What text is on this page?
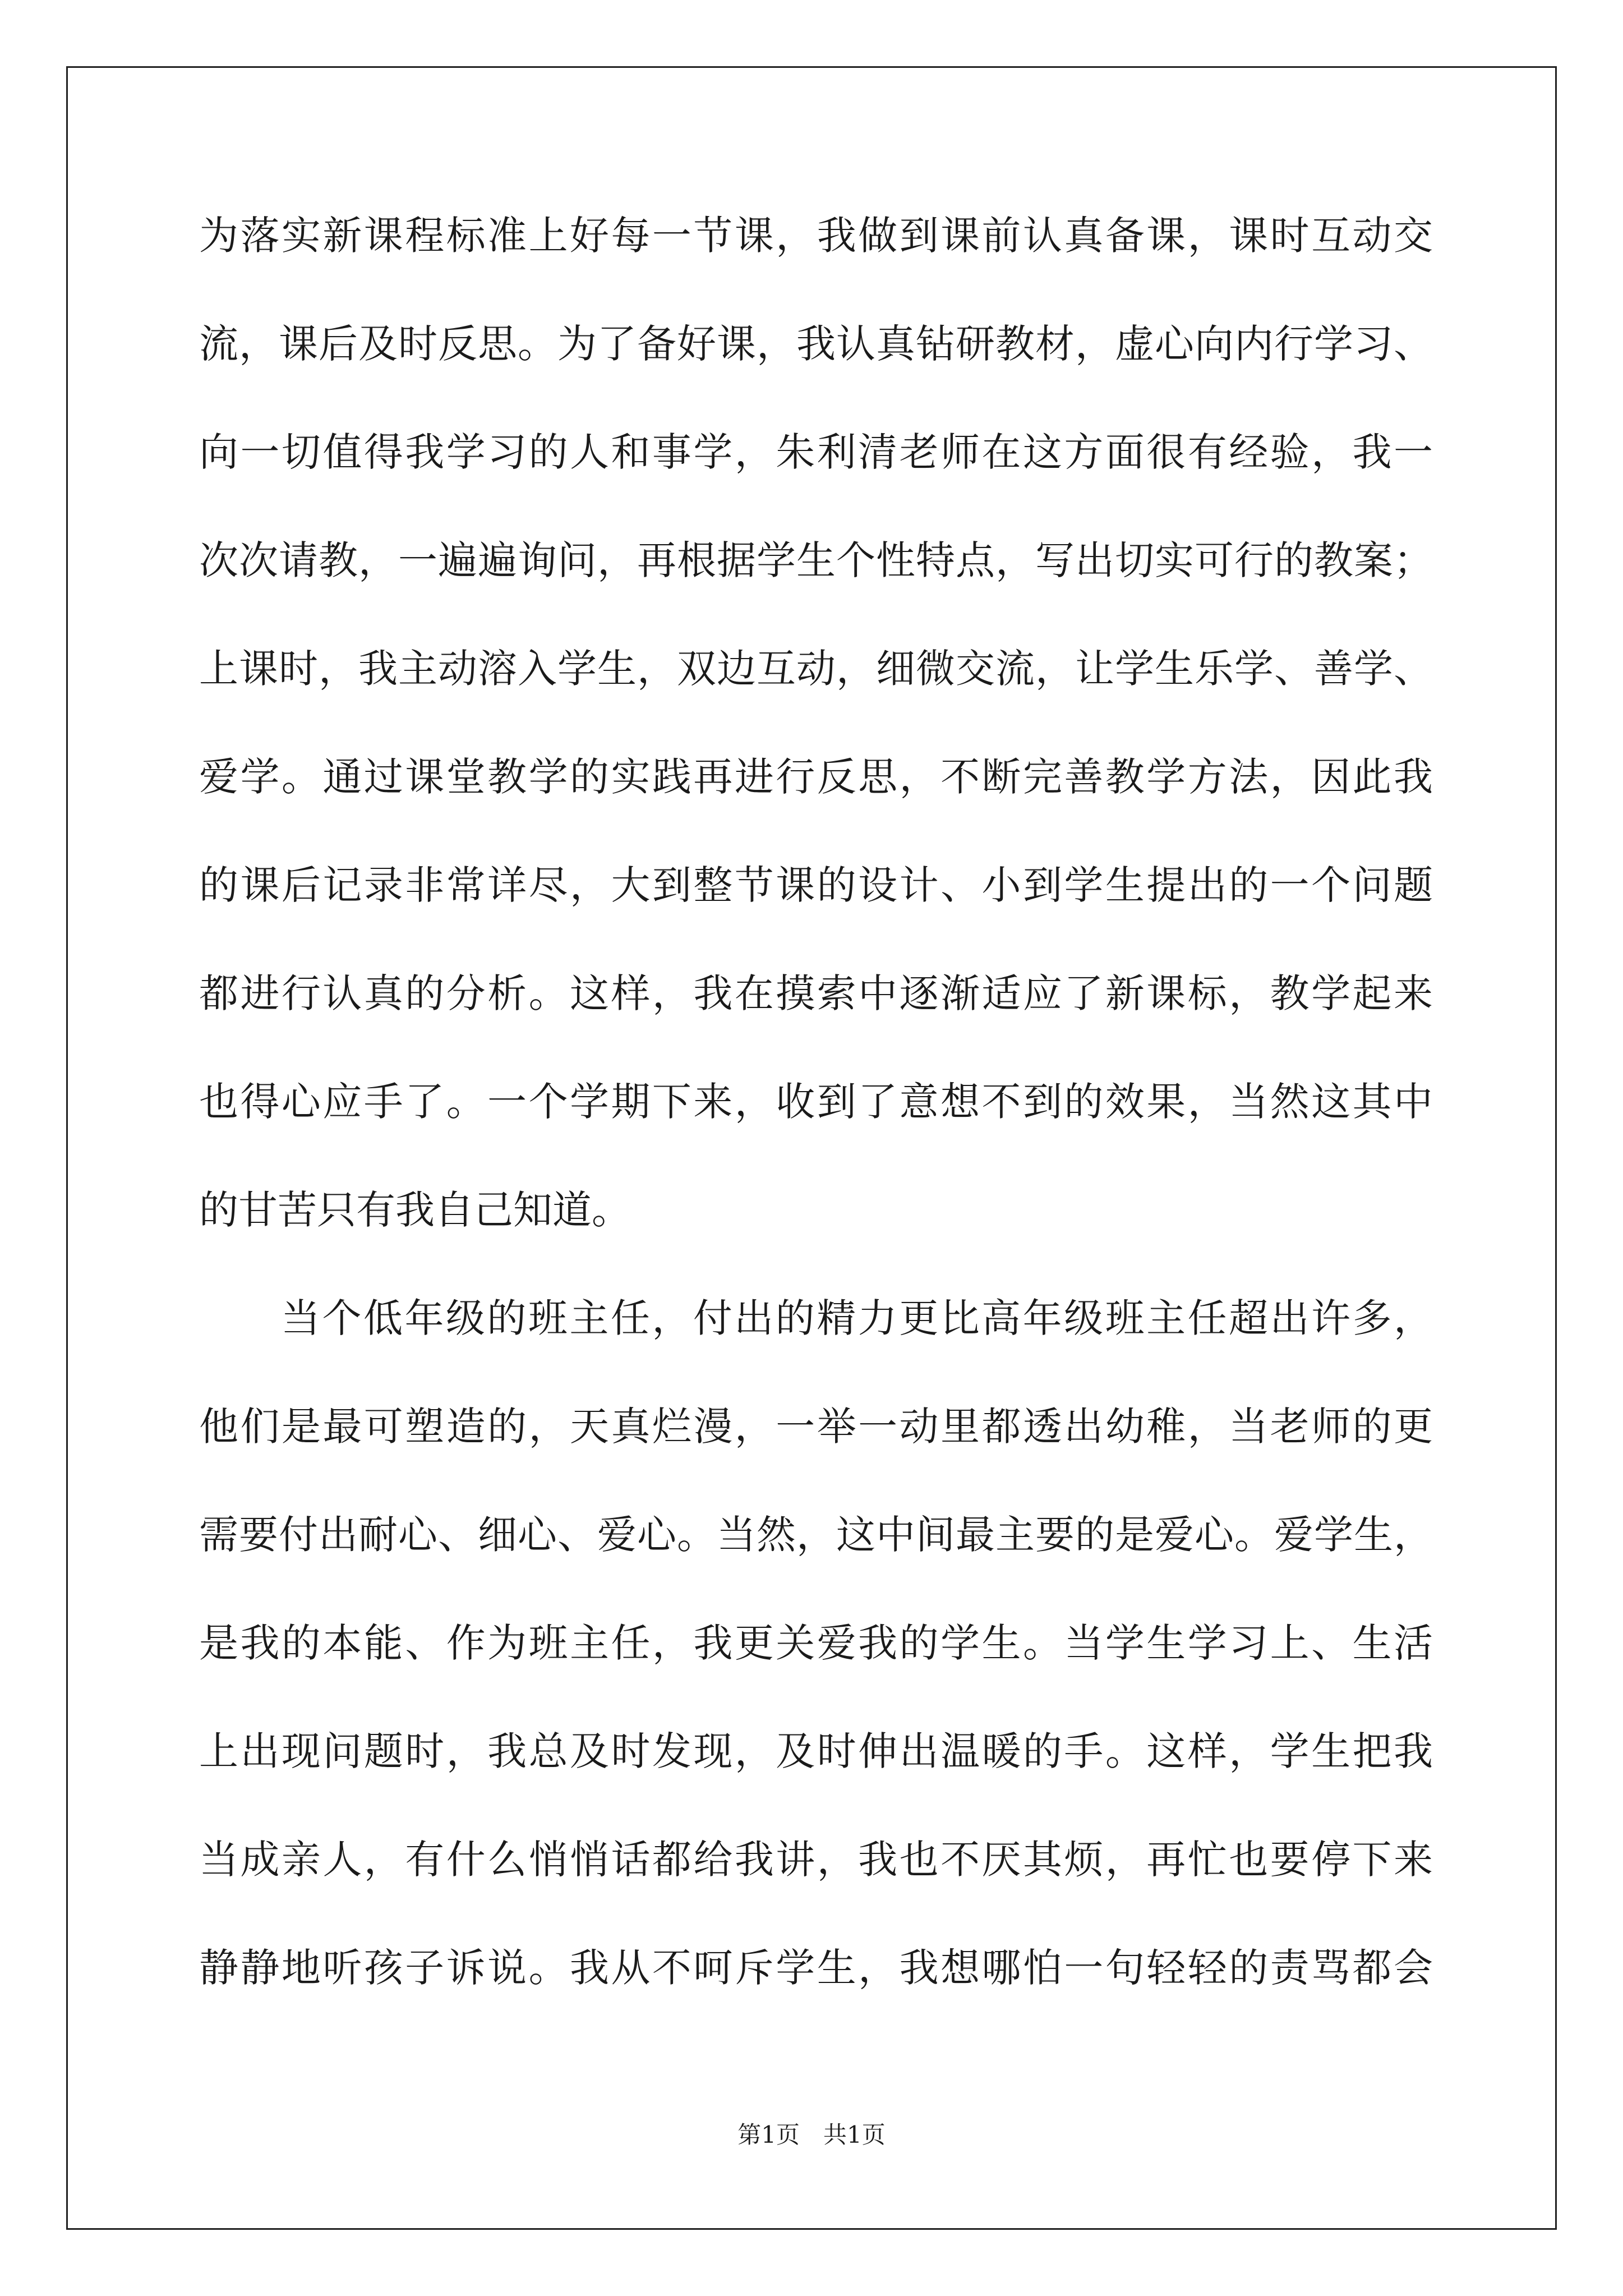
为落实新课程标准上好每一节课，我做到课前认真备课，课时互动交
流，课后及时反思。为了备好课，我认真钻研教材，虚心向内行学习、
向一切值得我学习的人和事学，朱利清老师在这方面很有经验，我一
次次请教，一遍遍询问，再根据学生个性特点，写出切实可行的教案；
上课时，我主动溶入学生，双边互动，细微交流，让学生乐学、善学、
爱学。通过课堂教学的实践再进行反思，不断完善教学方法，因此我
的课后记录非常详尽，大到整节课的设计、小到学生提出的一个问题
都进行认真的分析。这样，我在摸索中逐渐适应了新课标，教学起来
也得心应手了。一个学期下来，收到了意想不到的效果，当然这其中
的甘苦只有我自己知道。
当个低年级的班主任，付出的精力更比高年级班主任超出许多，
他们是最可塑造的，天真烂漫，一举一动里都透出幼稚，当老师的更
需要付出耐心、细心、爱心。当然，这中间最主要的是爱心。爱学生，
是我的本能、作为班主任，我更关爱我的学生。当学生学习上、生活
上出现问题时，我总及时发现，及时伸出温暖的手。这样，学生把我
当成亲人，有什么悄悄话都给我讲，我也不厌其烦，再忙也要停下来
静静地听孩子诉说。我从不呵斥学生，我想哪怕一句轻轻的责骂都会
第1页　共1页
